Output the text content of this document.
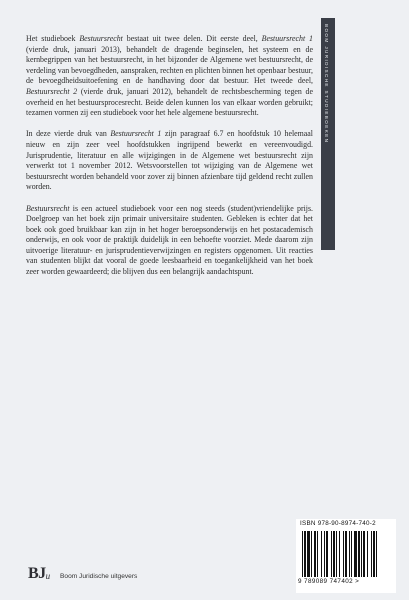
BOOM JURIDISCHE STUDIEBOEKEN

Het studieboek Bestuursrecht bestaat uit twee delen. Dit eerste deel, Bestuursrecht 1 (vierde druk, januari 2013), behandelt de dragende beginselen, het systeem en de kernbegrippen van het bestuursrecht, in het bijzonder de Algemene wet bestuursrecht, de verdeling van bevoegdheden, aanspraken, rechten en plichten binnen het openbaar bestuur, de bevoegdheidsuitoefening en de handhaving door dat bestuur. Het tweede deel, Bestuursrecht 2 (vierde druk, januari 2012), behandelt de rechtsbescherming tegen de overheid en het bestuursprocesrecht. Beide delen kunnen los van elkaar worden gebruikt; tezamen vormen zij een studieboek voor het hele algemene bestuursrecht.

In deze vierde druk van Bestuursrecht 1 zijn paragraaf 6.7 en hoofdstuk 10 helemaal nieuw en zijn zeer veel hoofdstukken ingrijpend bewerkt en vereenvoudigd. Jurisprudentie, literatuur en alle wijzigingen in de Algemene wet bestuursrecht zijn verwerkt tot 1 november 2012. Wetsvoorstellen tot wijziging van de Algemene wet bestuursrecht worden behandeld voor zover zij binnen afzienbare tijd geldend recht zullen worden.

Bestuursrecht is een actueel studieboek voor een nog steeds (student)vriendelijke prijs. Doelgroep van het boek zijn primair universitaire studenten. Gebleken is echter dat het boek ook goed bruikbaar kan zijn in het hoger beroepsonderwijs en het postacademisch onderwijs, en ook voor de praktijk duidelijk in een behoefte voorziet. Mede daarom zijn uitvoerige literatuur- en jurisprudentieverwijzingen en registers opgenomen. Uit reacties van studenten blijkt dat vooral de goede leesbaarheid en toegankelijkheid van het boek zeer worden gewaardeerd; die blijven dus een belangrijk aandachtspunt.

BJu Boom Juridische uitgevers
ISBN 978-90-8974-740-2
9 789089 747402 >
